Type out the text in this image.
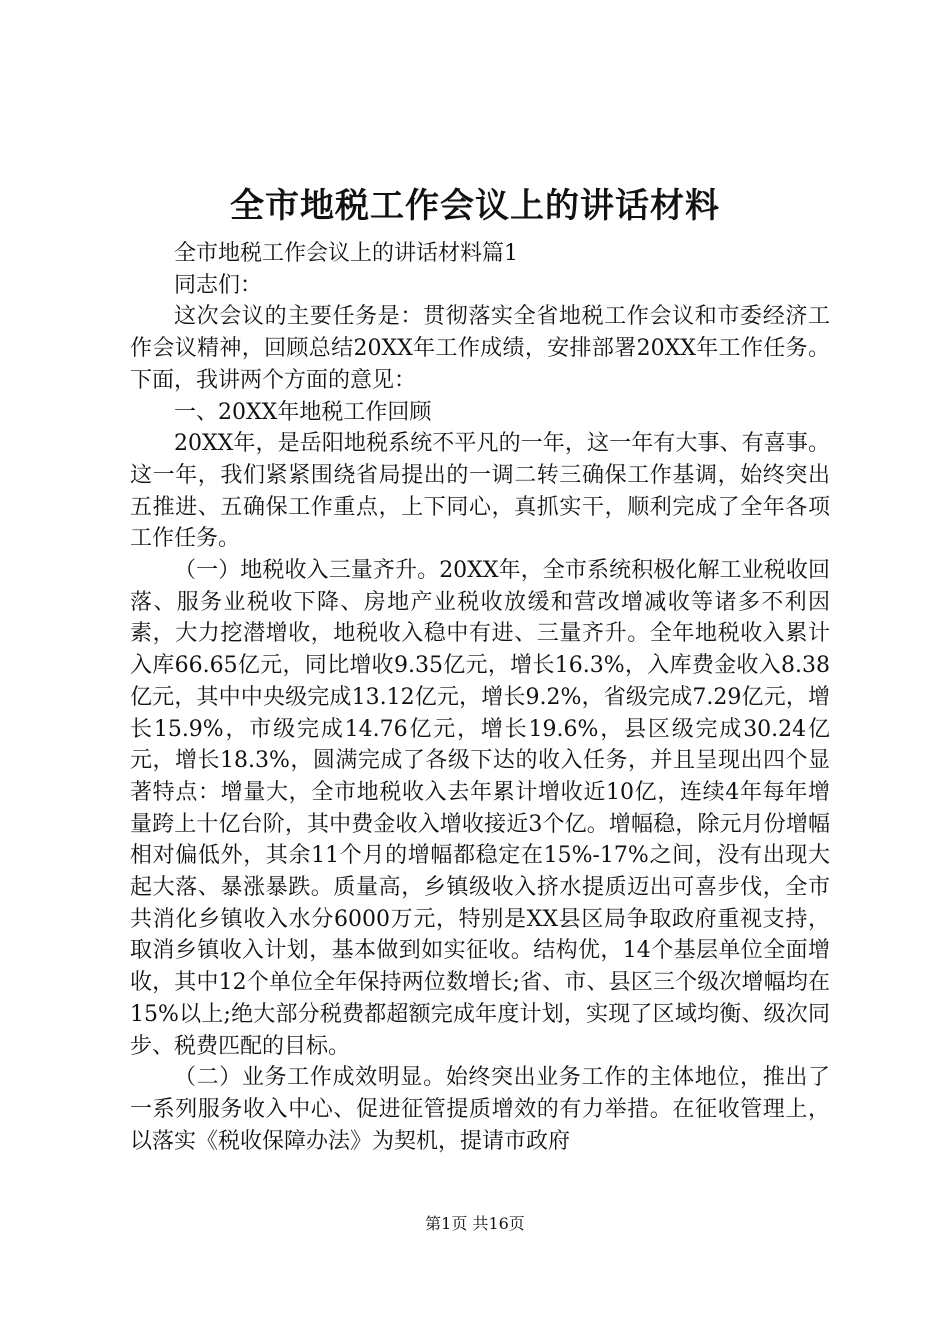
全市地税工作会议上的讲话材料

全市地税工作会议上的讲话材料篇1

同志们：

这次会议的主要任务是：贯彻落实全省地税工作会议和市委经济工作会议精神，回顾总结20XX年工作成绩，安排部署20XX年工作任务。下面，我讲两个方面的意见：

一、20XX年地税工作回顾

20XX年，是岳阳地税系统不平凡的一年，这一年有大事、有喜事。这一年，我们紧紧围绕省局提出的一调二转三确保工作基调，始终突出五推进、五确保工作重点，上下同心，真抓实干，顺利完成了全年各项工作任务。

（一）地税收入三量齐升。20XX年，全市系统积极化解工业税收回落、服务业税收下降、房地产业税收放缓和营改增减收等诸多不利因素，大力挖潜增收，地税收入稳中有进、三量齐升。全年地税收入累计入库66.65亿元，同比增收9.35亿元，增长16.3%，入库费金收入8.38亿元，其中中央级完成13.12亿元，增长9.2%，省级完成7.29亿元，增长15.9%，市级完成14.76亿元，增长19.6%，县区级完成30.24亿元，增长18.3%，圆满完成了各级下达的收入任务，并且呈现出四个显著特点：增量大，全市地税收入去年累计增收近10亿，连续4年每年增量跨上十亿台阶，其中费金收入增收接近3个亿。增幅稳，除元月份增幅相对偏低外，其余11个月的增幅都稳定在15%-17%之间，没有出现大起大落、暴涨暴跌。质量高，乡镇级收入挤水提质迈出可喜步伐，全市共消化乡镇收入水分6000万元，特别是XX县区局争取政府重视支持，取消乡镇收入计划，基本做到如实征收。结构优，14个基层单位全面增收，其中12个单位全年保持两位数增长;省、市、县区三个级次增幅均在15%以上;绝大部分税费都超额完成年度计划，实现了区域均衡、级次同步、税费匹配的目标。

（二）业务工作成效明显。始终突出业务工作的主体地位，推出了一系列服务收入中心、促进征管提质增效的有力举措。在征收管理上，以落实《税收保障办法》为契机，提请市政府

第1页 共16页
